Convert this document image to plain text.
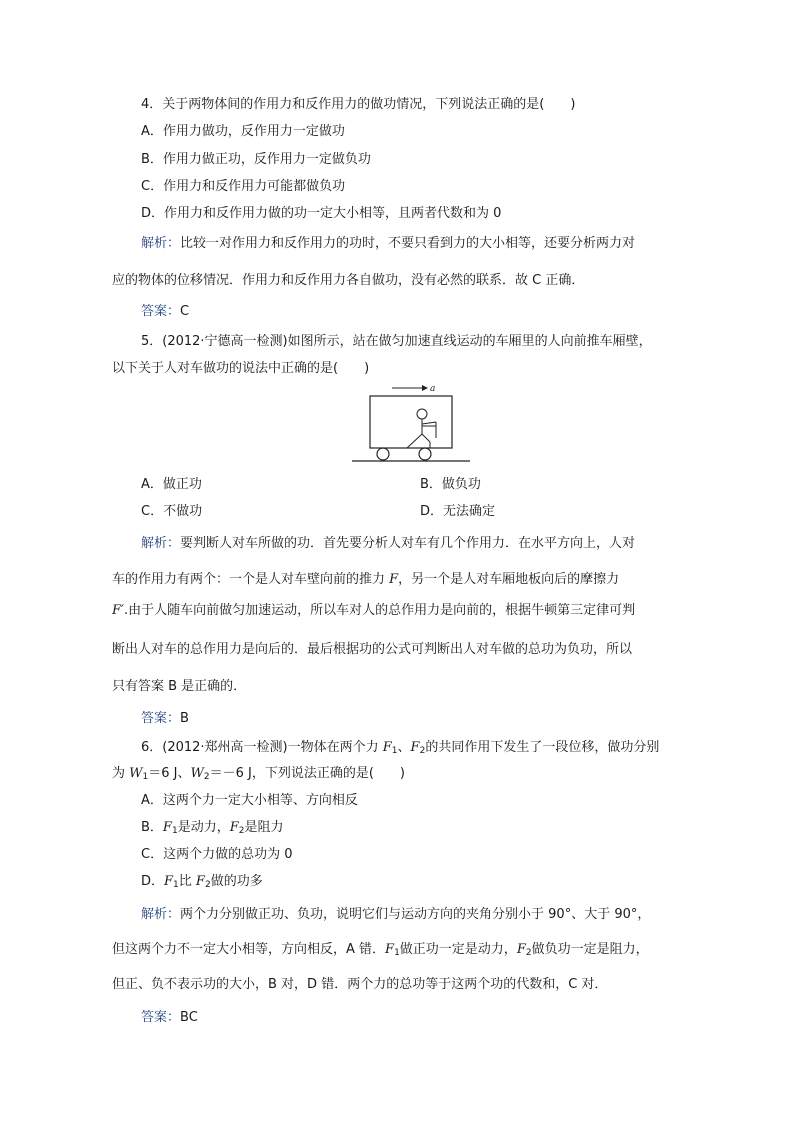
4．关于两物体间的作用力和反作用力的做功情况，下列说法正确的是(　　)
A．作用力做功，反作用力一定做功
B．作用力做正功，反作用力一定做负功
C．作用力和反作用力可能都做负功
D．作用力和反作用力做的功一定大小相等，且两者代数和为 0
解析：比较一对作用力和反作用力的功时，不要只看到力的大小相等，还要分析两力对
应的物体的位移情况．作用力和反作用力各自做功，没有必然的联系．故 C 正确．
答案：C
5．(2012·宁德高一检测)如图所示，站在做匀加速直线运动的车厢里的人向前推车厢壁，
以下关于人对车做功的说法中正确的是(　　)
a
A．做正功	B．做负功
C．不做功	D．无法确定
解析：要判断人对车所做的功．首先要分析人对车有几个作用力．在水平方向上，人对
车的作用力有两个：一个是人对车壁向前的推力 F，另一个是人对车厢地板向后的摩擦力
F′.由于人随车向前做匀加速运动，所以车对人的总作用力是向前的，根据牛顿第三定律可判
断出人对车的总作用力是向后的．最后根据功的公式可判断出人对车做的总功为负功，所以
只有答案 B 是正确的．
答案：B
6．(2012·郑州高一检测)一物体在两个力 $F_1$、$F_2$的共同作用下发生了一段位移，做功分别
为 $W_1=6$ J、$W_2=-6$ J，下列说法正确的是(　　)
A．这两个力一定大小相等、方向相反
B．$F_1$是动力，$F_2$是阻力
C．这两个力做的总功为 0
D．$F_1$比 $F_2$做的功多
解析：两个力分别做正功、负功，说明它们与运动方向的夹角分别小于 90°、大于 90°，
但这两个力不一定大小相等，方向相反，A 错．$F_1$做正功一定是动力，$F_2$做负功一定是阻力，
但正、负不表示功的大小，B 对，D 错．两个力的总功等于这两个功的代数和，C 对．
答案：BC
